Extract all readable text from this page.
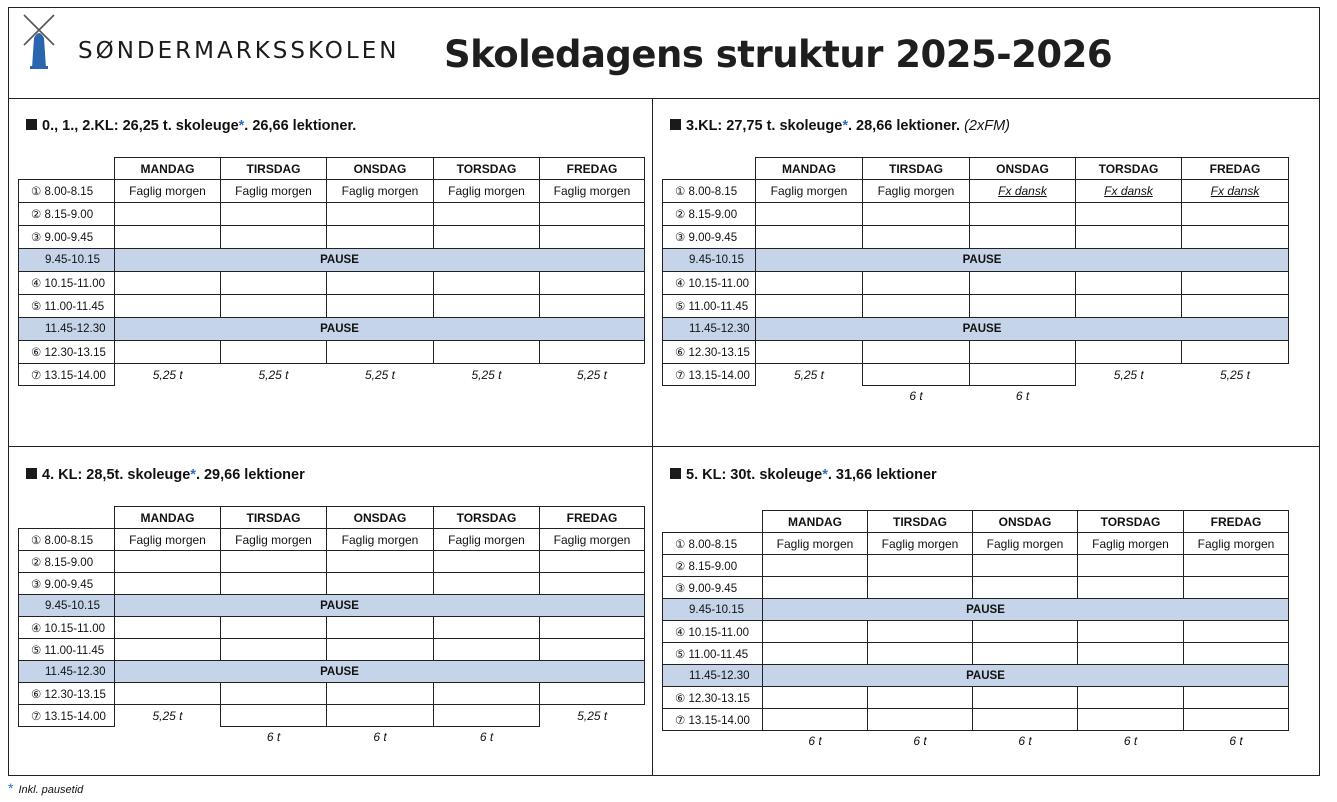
SØNDERMARKSSKOLEN Skoledagens struktur 2025-2026
0., 1., 2.KL: 26,25 t. skoleuge*. 26,66 lektioner.
	MANDAG	TIRSDAG	ONSDAG	TORSDAG	FREDAG
① 8.00-8.15	Faglig morgen	Faglig morgen	Faglig morgen	Faglig morgen	Faglig morgen
② 8.15-9.00					
③ 9.00-9.45					
9.45-10.15	PAUSE				
④ 10.15-11.00					
⑤ 11.00-11.45					
11.45-12.30	PAUSE				
⑥ 12.30-13.15					
⑦ 13.15-14.00	5,25 t	5,25 t	5,25 t	5,25 t	5,25 t
3.KL: 27,75 t. skoleuge*. 28,66 lektioner. (2xFM)
	MANDAG	TIRSDAG	ONSDAG	TORSDAG	FREDAG
① 8.00-8.15	Faglig morgen	Faglig morgen	Fx dansk	Fx dansk	Fx dansk
② 8.15-9.00					
③ 9.00-9.45					
9.45-10.15	PAUSE				
④ 10.15-11.00					
⑤ 11.00-11.45					
11.45-12.30	PAUSE				
⑥ 12.30-13.15					
⑦ 13.15-14.00	5,25 t			5,25 t	5,25 t
		6 t	6 t		
4. KL: 28,5t. skoleuge*. 29,66 lektioner
	MANDAG	TIRSDAG	ONSDAG	TORSDAG	FREDAG
① 8.00-8.15	Faglig morgen	Faglig morgen	Faglig morgen	Faglig morgen	Faglig morgen
② 8.15-9.00					
③ 9.00-9.45					
9.45-10.15	PAUSE				
④ 10.15-11.00					
⑤ 11.00-11.45					
11.45-12.30	PAUSE				
⑥ 12.30-13.15					
⑦ 13.15-14.00	5,25 t				5,25 t
		6 t	6 t	6 t	
5. KL: 30t. skoleuge*. 31,66 lektioner
	MANDAG	TIRSDAG	ONSDAG	TORSDAG	FREDAG
① 8.00-8.15	Faglig morgen	Faglig morgen	Faglig morgen	Faglig morgen	Faglig morgen
② 8.15-9.00					
③ 9.00-9.45					
9.45-10.15	PAUSE				
④ 10.15-11.00					
⑤ 11.00-11.45					
11.45-12.30	PAUSE				
⑥ 12.30-13.15					
⑦ 13.15-14.00					
	6 t	6 t	6 t	6 t	6 t
* Inkl. pausetid
